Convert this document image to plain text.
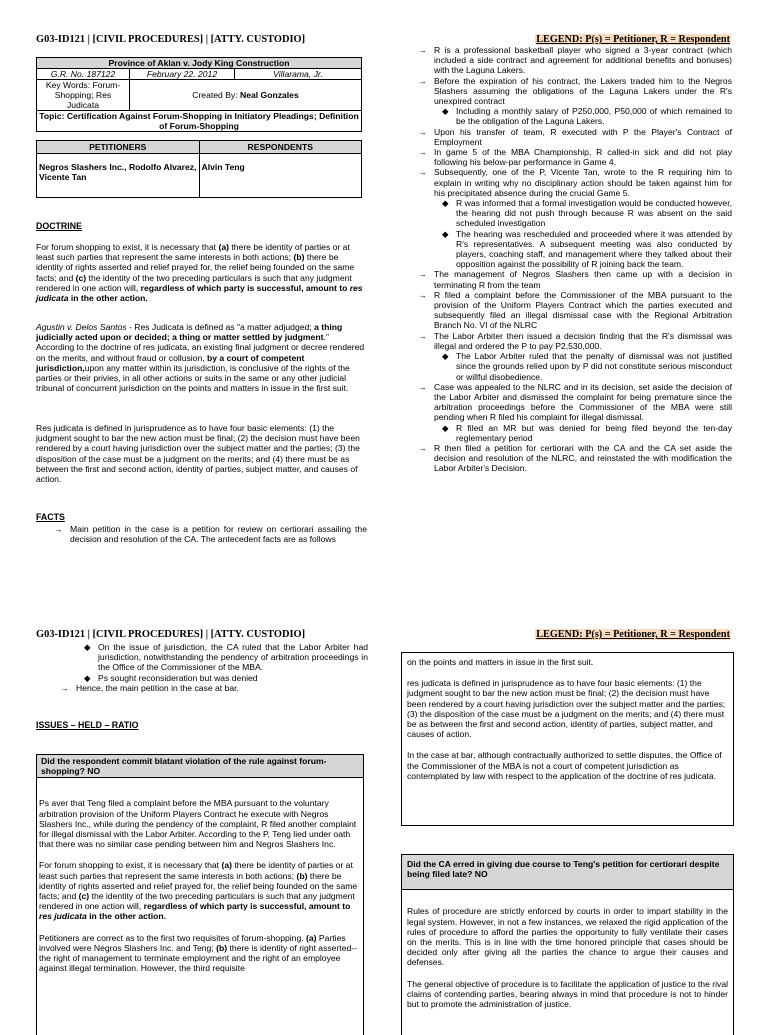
G03-ID121 | [CIVIL PROCEDURES] | [ATTY. CUSTODIO]	LEGEND: P(s) = Petitioner, R = Respondent
Province of Aklan v. Jody King Construction		
G.R. No. 187122	February 22, 2012	Villarama, Jr.
Key Words: Forum-Shopping; Res Judicata	Created By: Neal Gonzales	
Topic: Certification Against Forum-Shopping in Initiatory Pleadings; Definition of Forum-Shopping		
PETITIONERS	RESPONDENTS
Negros Slashers Inc., Rodolfo Alvarez, Vicente Tan	Alvin Teng
DOCTRINE

For forum shopping to exist, it is necessary that (a) there be identity of parties or at least such parties that represent the same interests in both actions; (b) there be identity of rights asserted and relief prayed for, the relief being founded on the same facts; and (c) the identity of the two preceding particulars is such that any judgment rendered in one action will, regardless of which party is successful, amount to res judicata in the other action.

Agustin v. Delos Santos - Res Judicata is defined as "a matter adjudged; a thing judicially acted upon or decided; a thing or matter settled by judgment." According to the doctrine of res judicata, an existing final judgment or decree rendered on the merits, and without fraud or collusion, by a court of competent jurisdiction,upon any matter within its jurisdiction, is conclusive of the rights of the parties or their privies, in all other actions or suits in the same or any other judicial tribunal of concurrent jurisdiction on the points and matters in issue in the first suit.

Res judicata is defined in jurisprudence as to have four basic elements: (1) the judgment sought to bar the new action must be final; (2) the decision must have been rendered by a court having jurisdiction over the subject matter and the parties; (3) the disposition of the case must be a judgment on the merits; and (4) there must be as between the first and second action, identity of parties, subject matter, and causes of action.

FACTS
→ Main petition in the case is a petition for review on certiorari assailing the decision and resolution of the CA. The antecedent facts are as follows
→ R is a professional basketball player who signed a 3-year contract (which included a side contract and agreement for additional benefits and bonuses) with the Laguna Lakers.
→ Before the expiration of his contract, the Lakers traded him to the Negros Slashers assuming the obligations of the Laguna Lakers under the R's unexpired contract
◆ Including a monthly salary of P250,000, P50,000 of which remained to be the obligation of the Laguna Lakers.
→ Upon his transfer of team, R executed with P the Player's Contract of Employment
→ In game 5 of the MBA Championship, R called-in sick and did not play following his below-par performance in Game 4.
→ Subsequently, one of the P, Vicente Tan, wrote to the R requiring him to explain in writing why no disciplinary action should be taken against him for his precipitated absence during the crucial Game 5.
◆ R was informed that a formal investigation would be conducted however, the hearing did not push through because R was absent on the said scheduled investigation
◆ The hearing was rescheduled and proceeded where it was attended by R's representatives. A subsequent meeting was also conducted by players, coaching staff, and management where they talked about their opposition against the possibility of R joining back the team.
→ The management of Negros Slashers then came up with a decision in terminating R from the team
→ R filed a complaint before the Commissioner of the MBA pursuant to the provision of the Uniform Players Contract which the parties executed and subsequently filed an illegal dismissal case with the Regional Arbitration Branch No. VI of the NLRC
→ The Labor Arbiter then issued a decision finding that the R's dismissal was illegal and ordered the P to pay P2,530,000.
◆ The Labor Arbiter ruled that the penalty of dismissal was not justified since the grounds relied upon by P did not constitute serious misconduct or willful disobedience.
→ Case was appealed to the NLRC and in its decision, set aside the decision of the Labor Arbiter and dismissed the complaint for being premature since the arbitration proceedings before the Commissioner of the MBA were still pending when R filed his complaint for illegal dismissal.
◆ R filed an MR but was denied for being filed beyond the ten-day reglementary period
→ R then filed a petition for certiorari with the CA and the CA set aside the decision and resolution of the NLRC, and reinstated the with modification the Labor Arbiter's Decision.
G03-ID121 | [CIVIL PROCEDURES] | [ATTY. CUSTODIO]	LEGEND: P(s) = Petitioner, R = Respondent
◆ On the issue of jurisdiction, the CA ruled that the Labor Arbiter had jurisdiction, notwithstanding the pendency of arbitration proceedings in the Office of the Commissioner of the MBA.
◆ Ps sought reconsideration but was denied
→ Hence, the main petition in the case at bar.
ISSUES – HELD – RATIO
Did the respondent commit blatant violation of the rule against forum-shopping? NO

Ps aver that Teng filed a complaint before the MBA pursuant to the voluntary arbitration provision of the Uniform Players Contract he execute with Negros Slashers Inc., while during the pendency of the complaint, R filed another complaint for illegal dismissal with the Labor Arbiter. According to the P, Teng lied under oath that there was no similar case pending between him and Negros Slashers Inc.

For forum shopping to exist, it is necessary that (a) there be identity of parties or at least such parties that represent the same interests in both actions; (b) there be identity of rights asserted and relief prayed for, the relief being founded on the same facts; and (c) the identity of the two preceding particulars is such that any judgment rendered in one action will, regardless of which party is successful, amount to res judicata in the other action.

Petitioners are correct as to the first two requisites of forum-shopping. (a) Parties involved were Negros Slashers Inc. and Teng; (b) there is identity of right asserted--the right of management to terminate employment and the right of an employee against illegal termination. However, the third requisite

on the points and matters in issue in the first suit.

res judicata is defined in jurisprudence as to have four basic elements: (1) the judgment sought to bar the new action must be final; (2) the decision must have been rendered by a court having jurisdiction over the subject matter and the parties; (3) the disposition of the case must be a judgment on the merits; and (4) there must be as between the first and second action, identity of parties, subject matter, and causes of action.

In the case at bar, although contractually authorized to settle disputes, the Office of the Commissioner of the MBA is not a court of competent jurisdiction as contemplated by law with respect to the application of the doctrine of res judicata.

Did the CA erred in giving due course to Teng's petition for certiorari despite being filed late? NO

Rules of procedure are strictly enforced by courts in order to impart stability in the legal system. However, in not a few instances, we relaxed the rigid application of the rules of procedure to afford the parties the opportunity to fully ventilate their cases on the merits. This is in line with the time honored principle that cases should be decided only after giving all the parties the chance to argue their causes and defenses.

The general objective of procedure is to facilitate the application of justice to the rival claims of contending parties, bearing always in mind that procedure is not to hinder but to promote the administration of justice.
